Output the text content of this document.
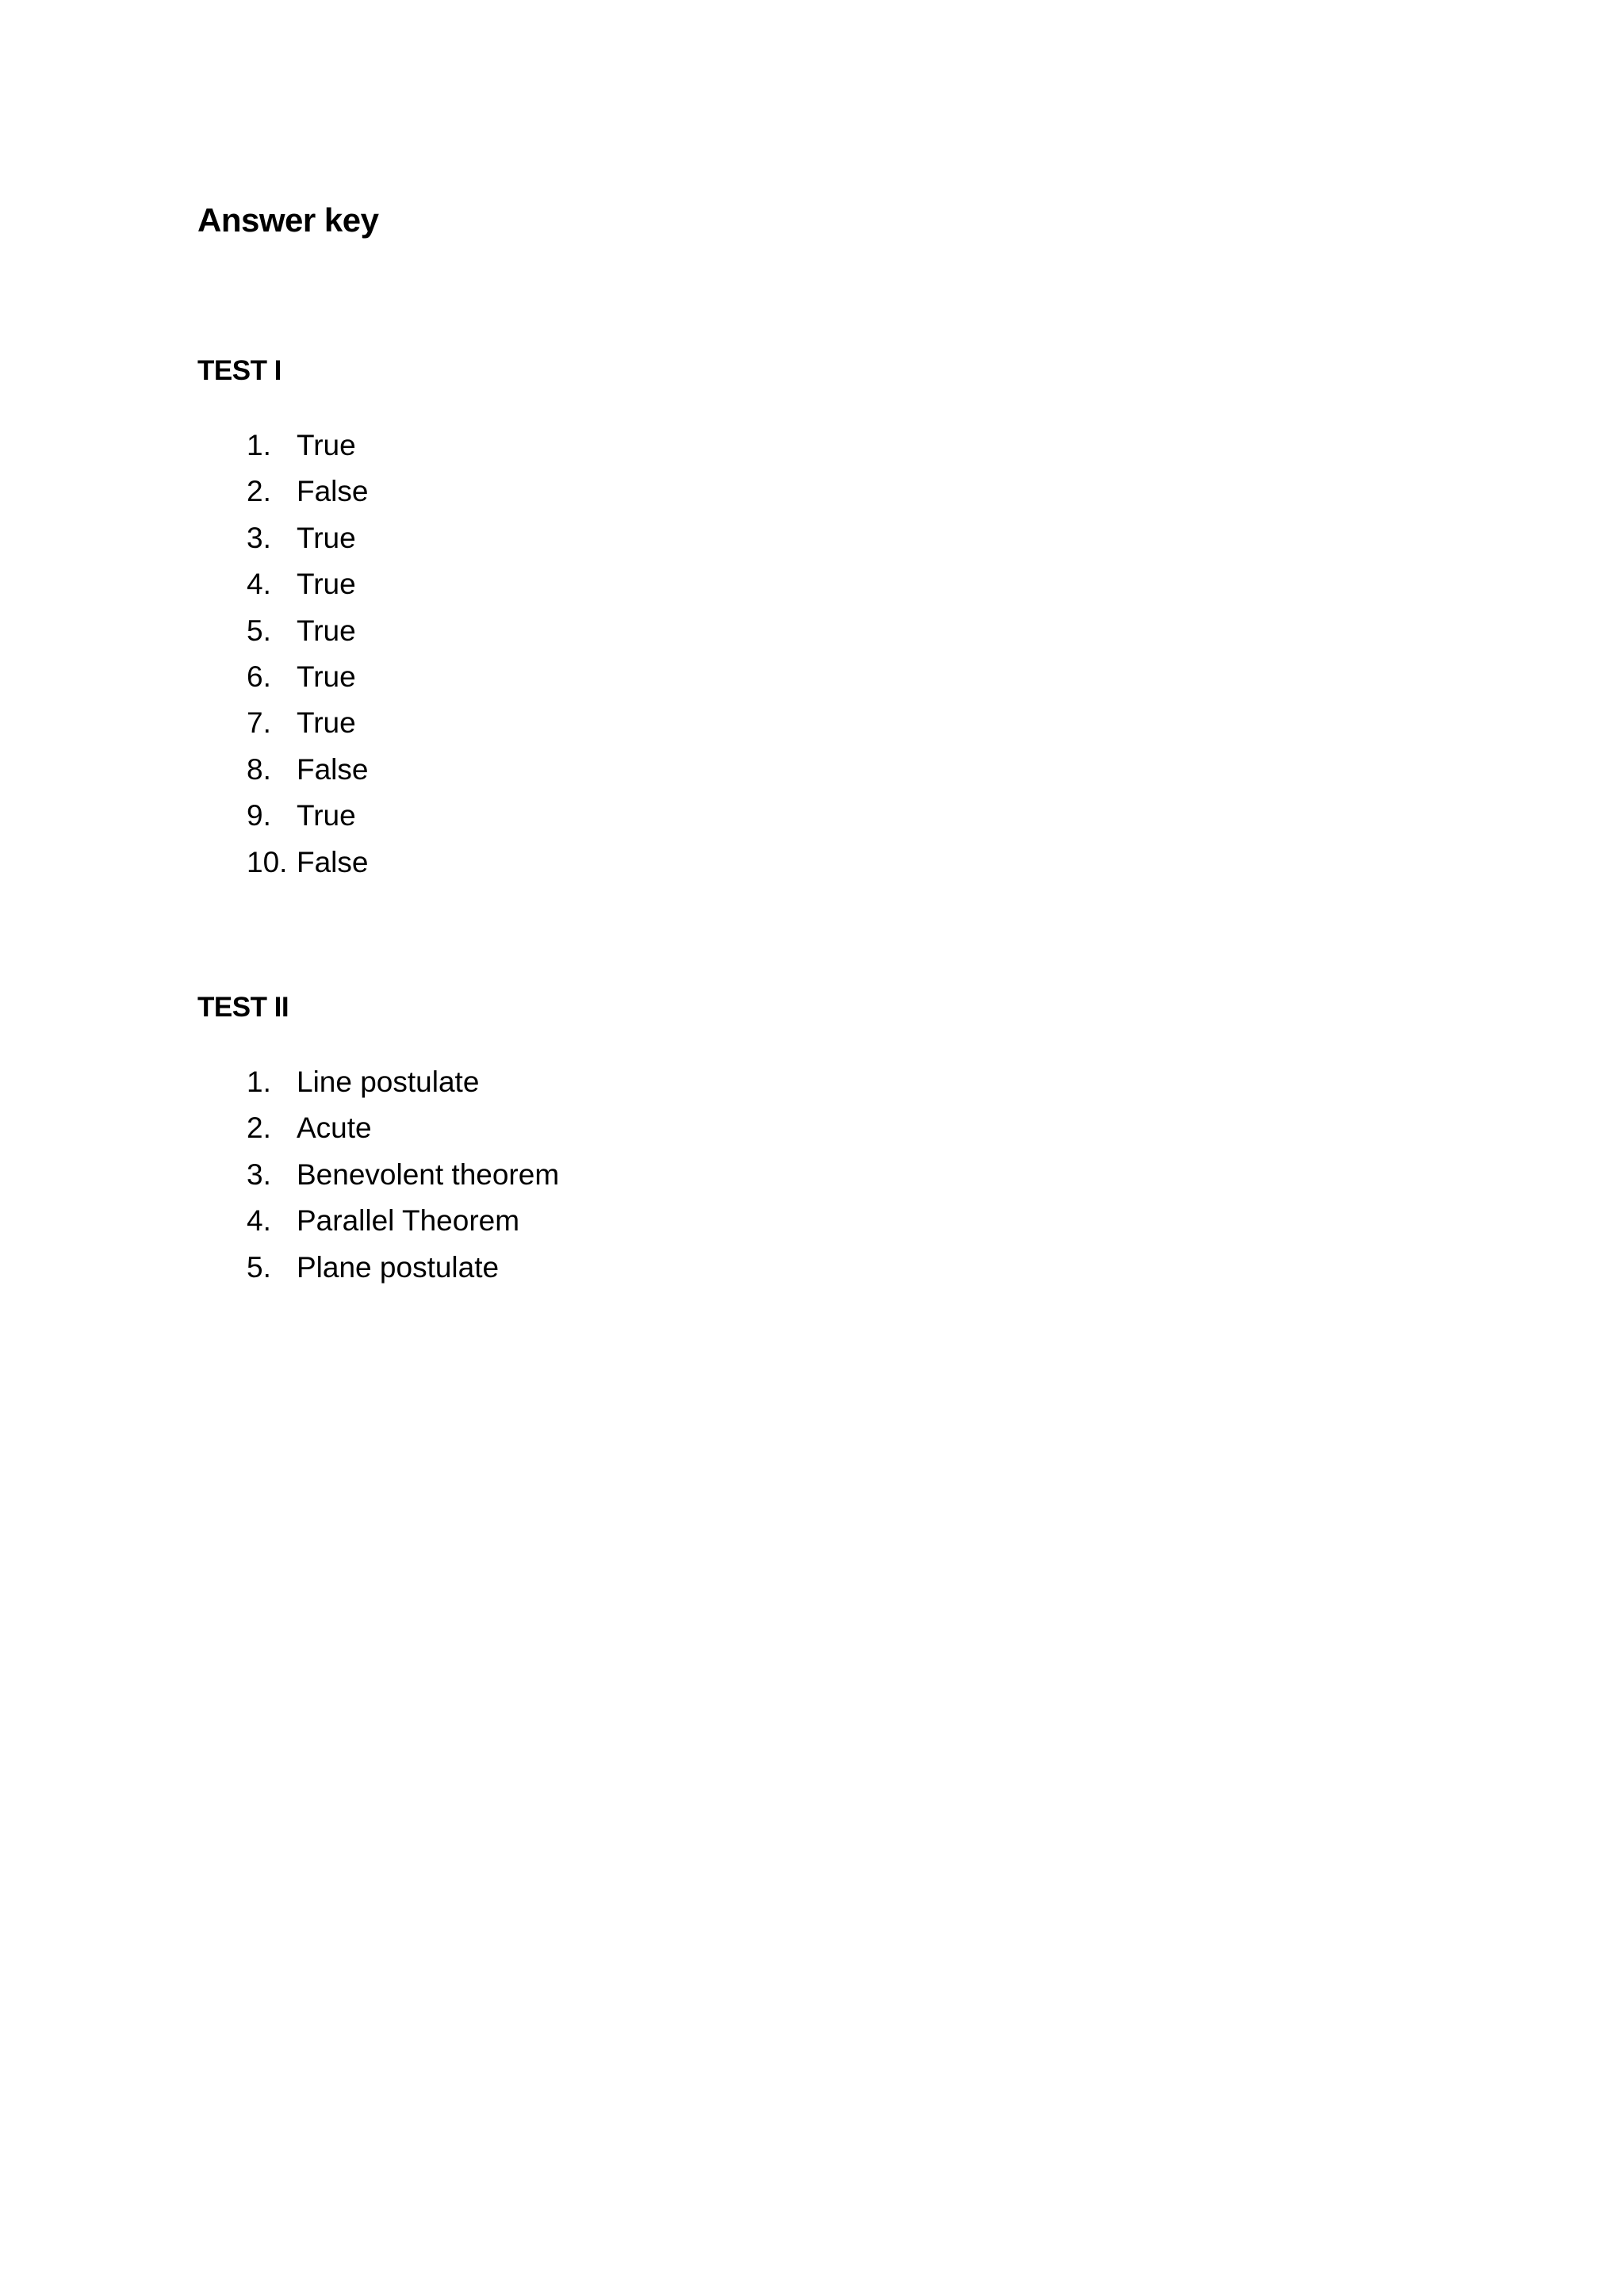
Answer key
TEST I
1. True
2. False
3. True
4. True
5. True
6. True
7. True
8. False
9. True
10. False
TEST II
1. Line postulate
2. Acute
3. Benevolent theorem
4. Parallel Theorem
5. Plane postulate
